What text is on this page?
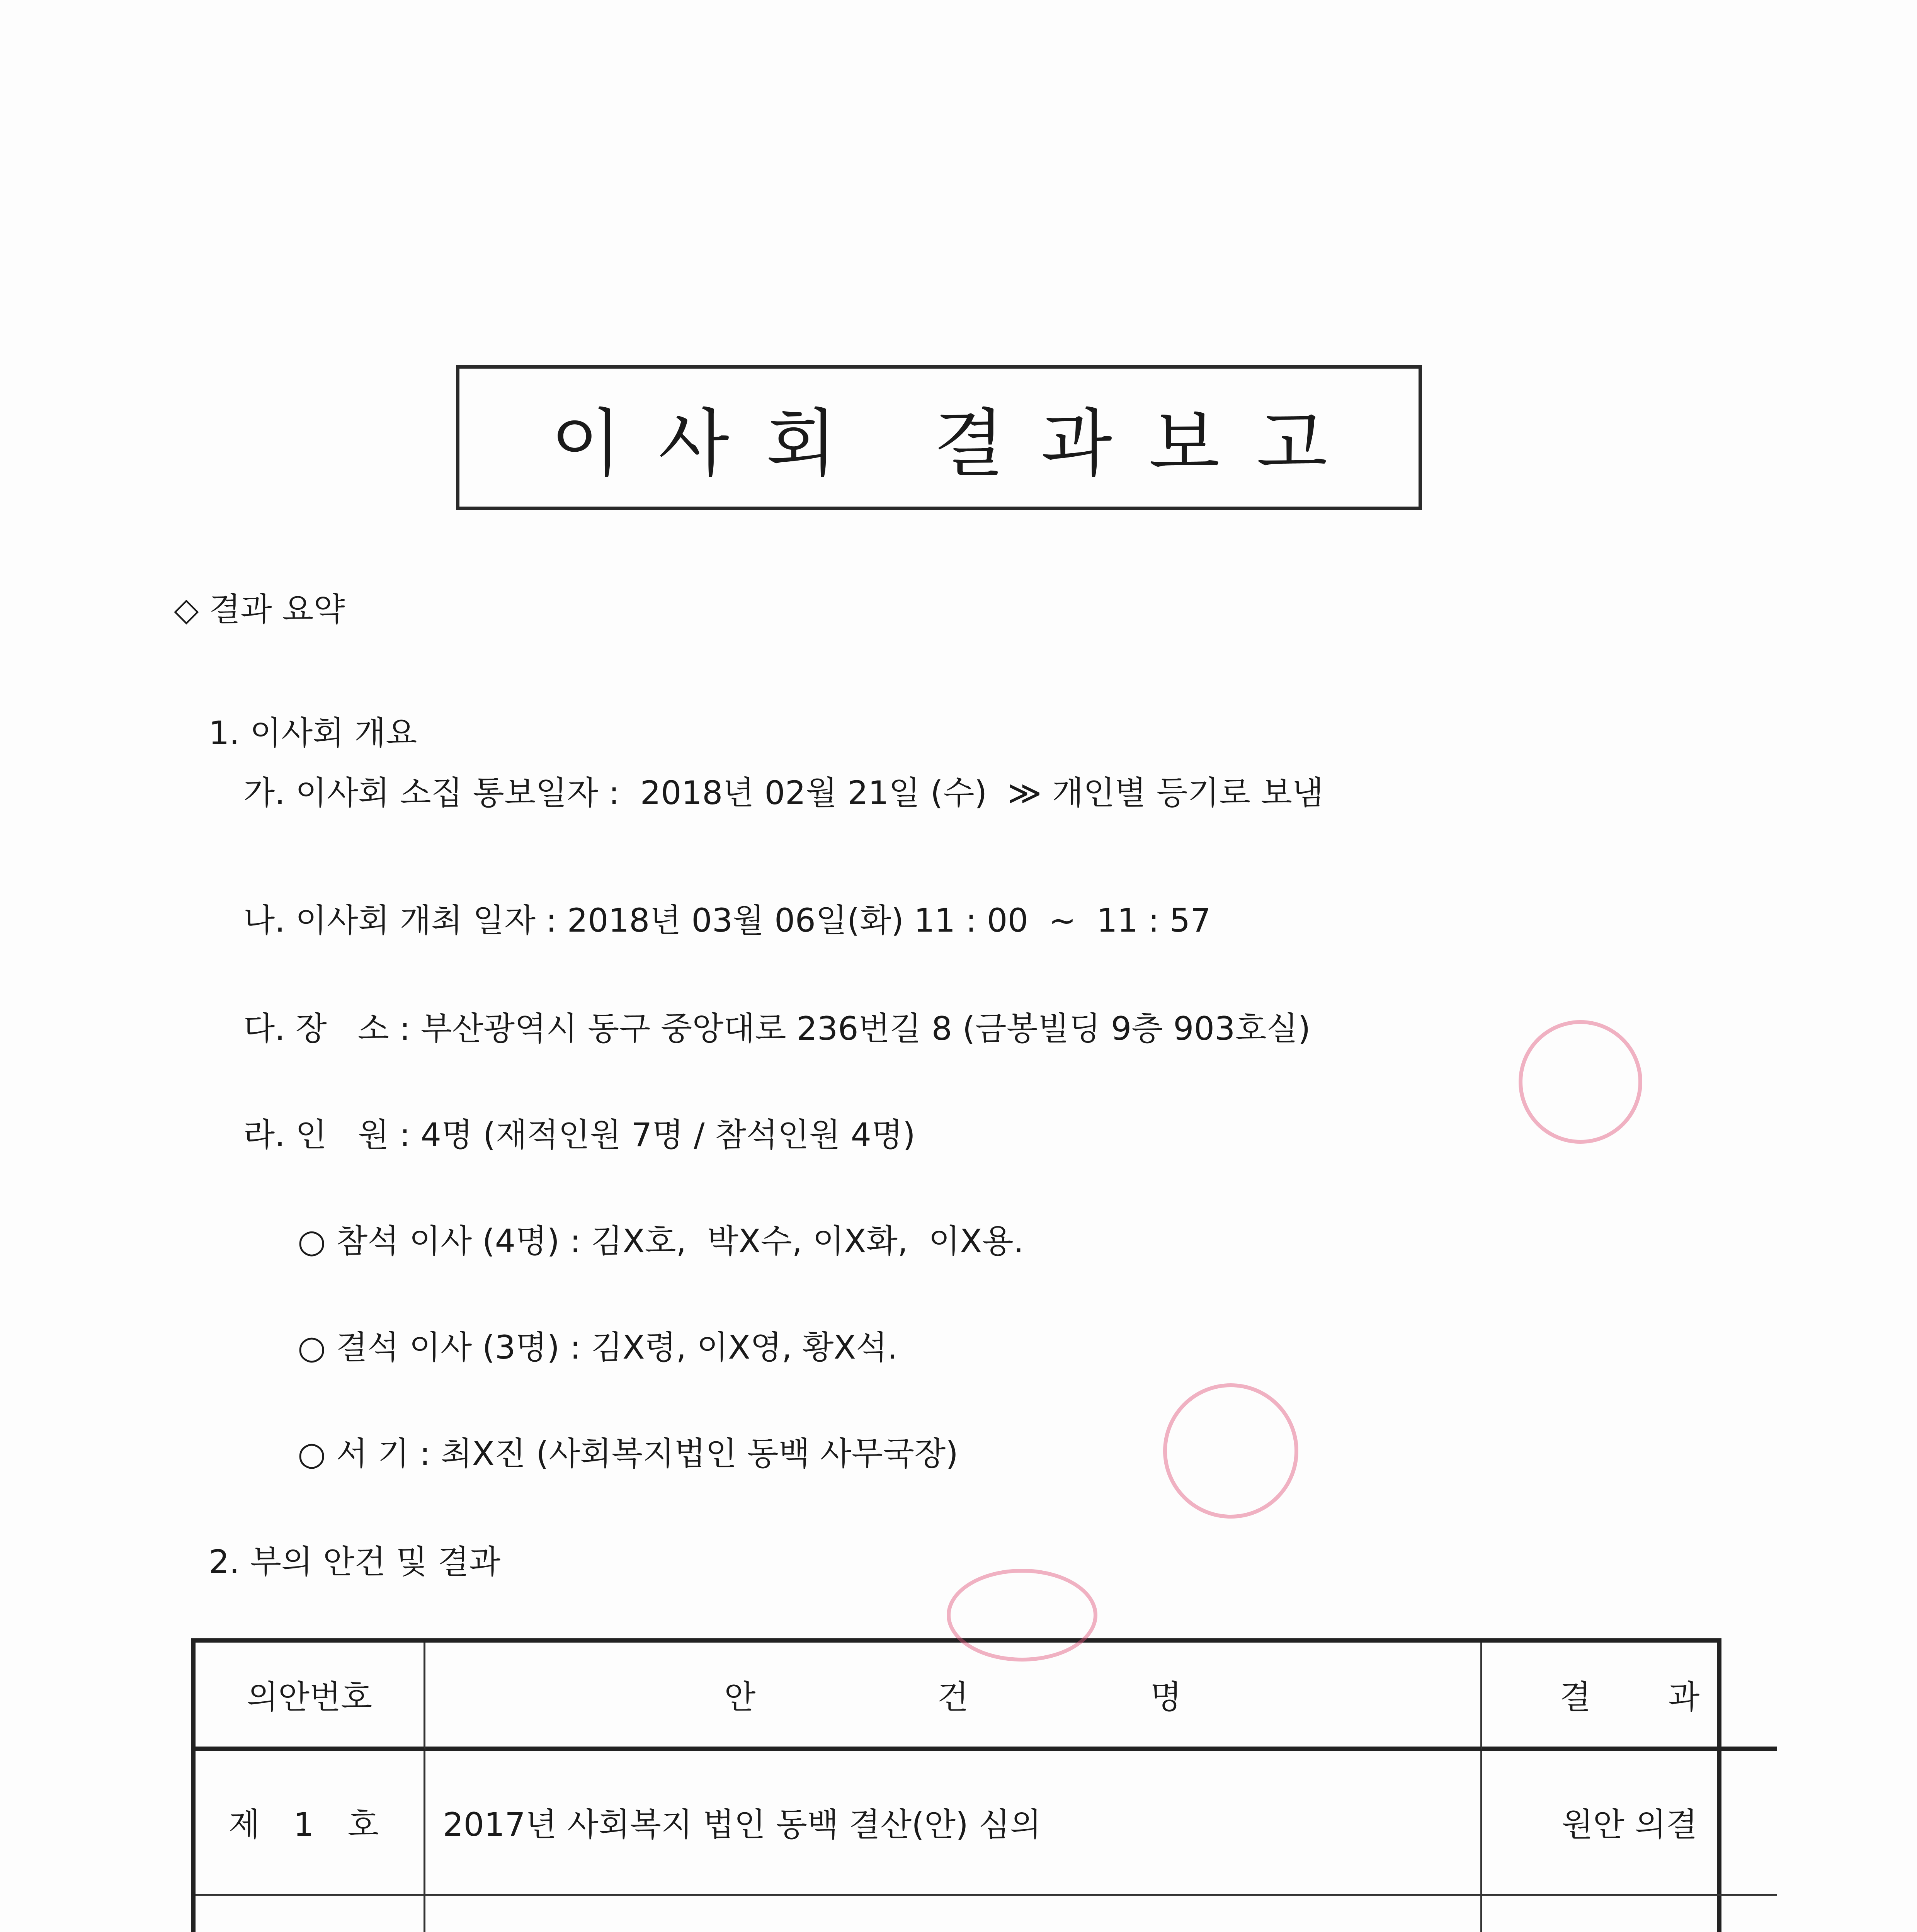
이사회 결과보고
◇ 결과 요약
1. 이사회 개요
가. 이사회 소집 통보일자 :  2018년 02월 21일 (수)  ≫ 개인별 등기로 보냄
나. 이사회 개최 일자 : 2018년 03월 06일(화) 11 : 00  ~  11 : 57
다. 장   소 : 부산광역시 동구 중앙대로 236번길 8 (금봉빌딩 9층 903호실)
라. 인   원 : 4명 (재적인원 7명 / 참석인원 4명)
○ 참석 이사 (4명) : 김X호,  박X수, 이X화,  이X용.
○ 결석 이사 (3명) : 김X령, 이X영, 황X석.
○ 서 기 : 최X진 (사회복지법인 동백 사무국장)
2. 부의 안건 및 결과
의안번호	안건명	결과
제 1 호	2017년 사회복지 법인 동백 결산(안) 심의	원안 의결
